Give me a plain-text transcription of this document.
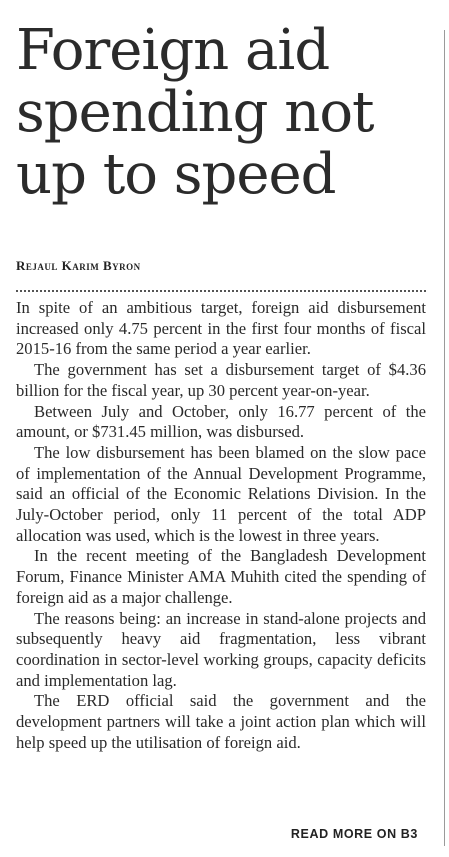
Foreign aid
spending not
up to speed
Rejaul Karim Byron

In spite of an ambitious target, foreign aid disbursement increased only 4.75 percent in the first four months of fiscal 2015-16 from the same period a year earlier.

The government has set a disbursement target of $4.36 billion for the fiscal year, up 30 percent year-on-year.

Between July and October, only 16.77 percent of the amount, or $731.45 million, was disbursed.

The low disbursement has been blamed on the slow pace of implementation of the Annual Development Programme, said an official of the Economic Relations Division. In the July-October period, only 11 percent of the total ADP allocation was used, which is the lowest in three years.

In the recent meeting of the Bangladesh Development Forum, Finance Minister AMA Muhith cited the spending of foreign aid as a major challenge.

The reasons being: an increase in stand-alone projects and subsequently heavy aid fragmentation, less vibrant coordination in sector-level working groups, capacity deficits and implementation lag.

The ERD official said the government and the development partners will take a joint action plan which will help speed up the utilisation of foreign aid.

READ MORE ON B3
